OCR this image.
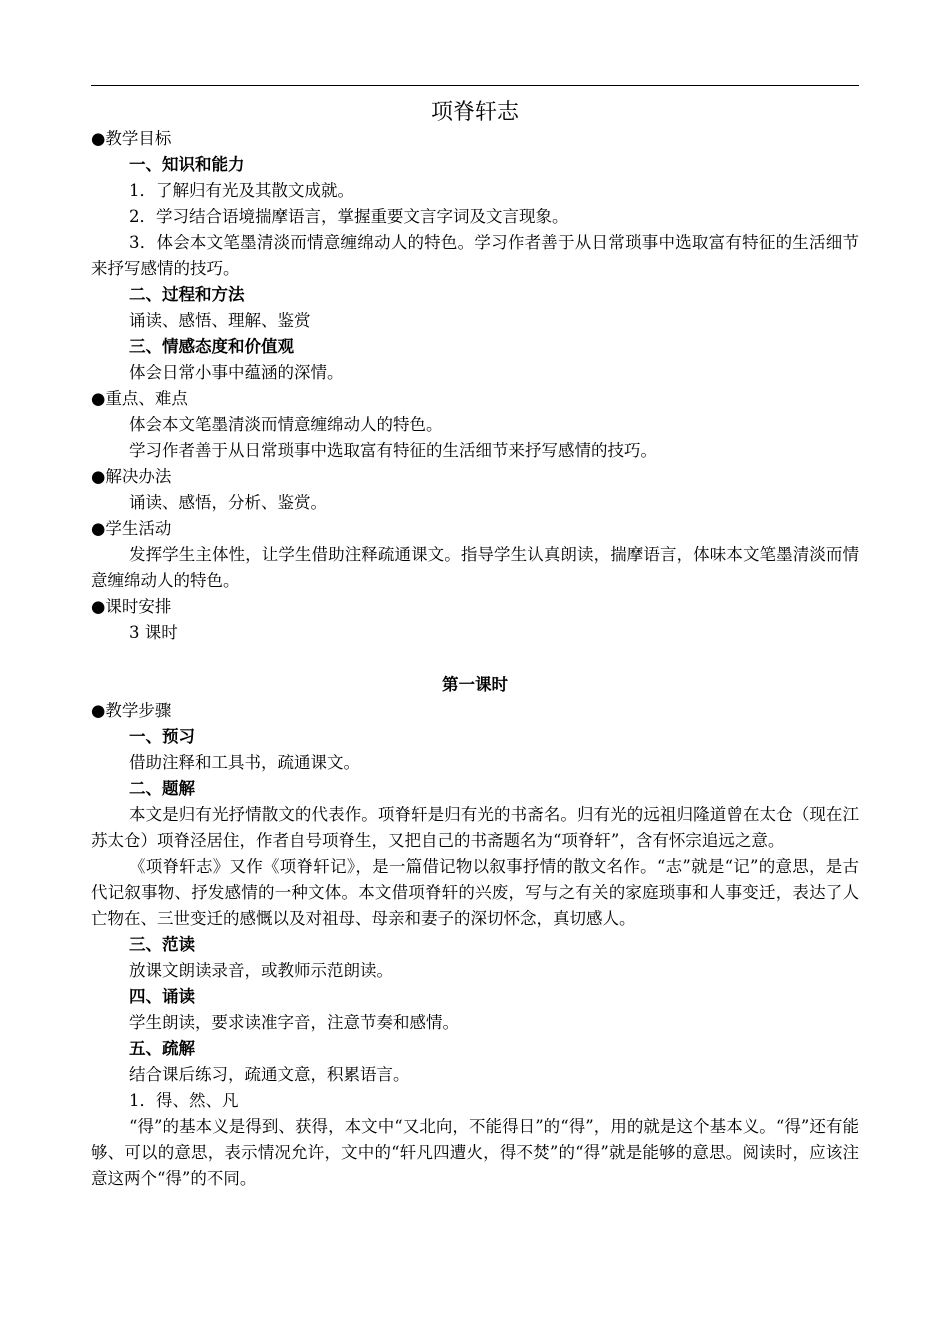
项脊轩志
●教学目标
一、知识和能力
1．了解归有光及其散文成就。
2．学习结合语境揣摩语言，掌握重要文言字词及文言现象。
3．体会本文笔墨清淡而情意缠绵动人的特色。学习作者善于从日常琐事中选取富有特征的生活细节来抒写感情的技巧。
二、过程和方法
诵读、感悟、理解、鉴赏
三、情感态度和价值观
体会日常小事中蕴涵的深情。
●重点、难点
体会本文笔墨清淡而情意缠绵动人的特色。
学习作者善于从日常琐事中选取富有特征的生活细节来抒写感情的技巧。
●解决办法
诵读、感悟，分析、鉴赏。
●学生活动
发挥学生主体性，让学生借助注释疏通课文。指导学生认真朗读，揣摩语言，体味本文笔墨清淡而情意缠绵动人的特色。
●课时安排
3 课时
第一课时
●教学步骤
一、预习
借助注释和工具书，疏通课文。
二、题解
本文是归有光抒情散文的代表作。项脊轩是归有光的书斋名。归有光的远祖归隆道曾在太仓（现在江苏太仓）项脊泾居住，作者自号项脊生，又把自己的书斋题名为“项脊轩”，含有怀宗追远之意。
《项脊轩志》又作《项脊轩记》，是一篇借记物以叙事抒情的散文名作。“志”就是“记”的意思，是古代记叙事物、抒发感情的一种文体。本文借项脊轩的兴废，写与之有关的家庭琐事和人事变迁，表达了人亡物在、三世变迁的感慨以及对祖母、母亲和妻子的深切怀念，真切感人。
三、范读
放课文朗读录音，或教师示范朗读。
四、诵读
学生朗读，要求读准字音，注意节奏和感情。
五、疏解
结合课后练习，疏通文意，积累语言。
1．得、然、凡
“得”的基本义是得到、获得，本文中“又北向，不能得日”的“得”，用的就是这个基本义。“得”还有能够、可以的意思，表示情况允许，文中的“轩凡四遭火，得不焚”的“得”就是能够的意思。阅读时，应该注意这两个“得”的不同。
